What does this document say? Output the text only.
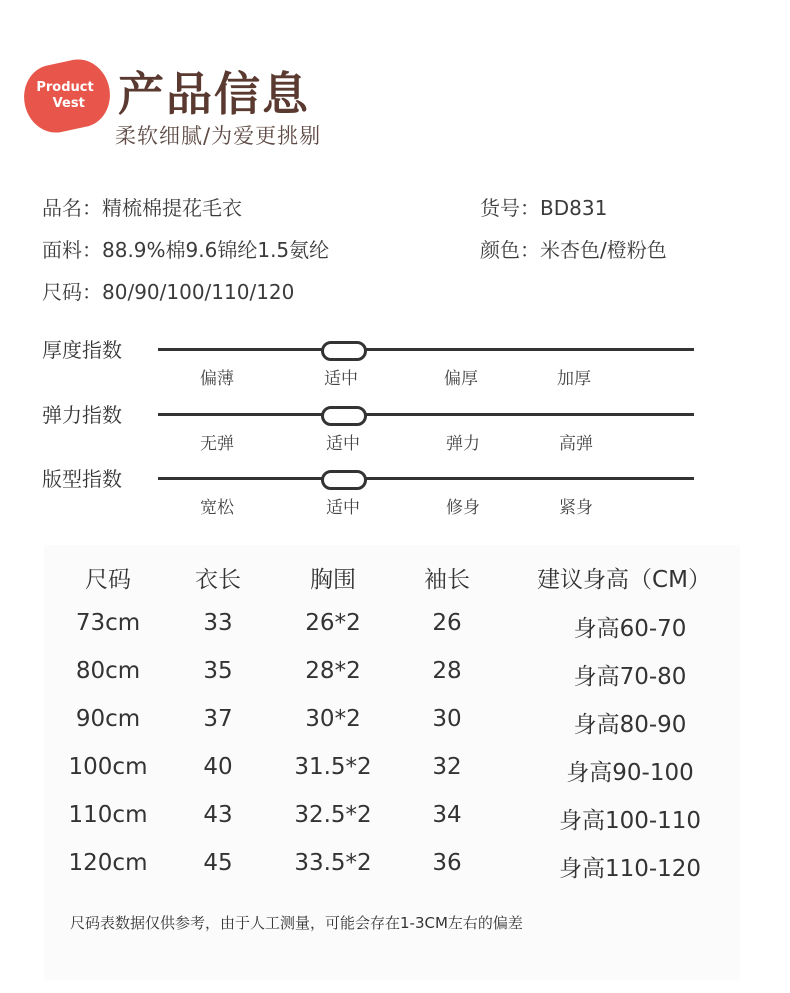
Product
Vest 产品信息
柔软细腻/为爱更挑剔
品名：精梳棉提花毛衣	货号：BD831
面料：88.9%棉9.6锦纶1.5氨纶	颜色：米杏色/橙粉色
尺码：80/90/100/110/120
厚度指数
偏薄	适中	偏厚	加厚
弹力指数
无弹	适中	弹力	高弹
版型指数
宽松	适中	修身	紧身
尺码	衣长	胸围	袖长	建议身高（CM）
73cm	33	26*2	26	身高60-70
80cm	35	28*2	28	身高70-80
90cm	37	30*2	30	身高80-90
100cm 40	31.5*2	32	身高90-100
110cm 43	32.5*2	34	身高100-110
120cm 45	33.5*2	36	身高110-120
尺码表数据仅供参考，由于人工测量，可能会存在1-3CM左右的偏差
